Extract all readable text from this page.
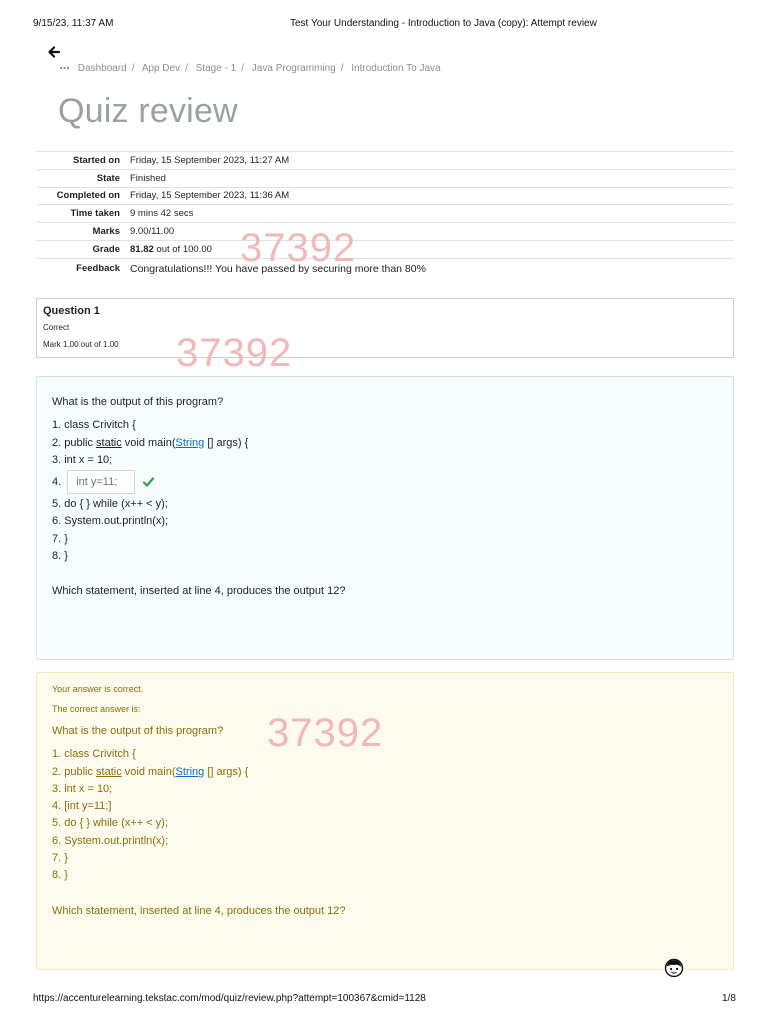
9/15/23, 11:37 AM	Test Your Understanding - Introduction to Java (copy): Attempt review
Dashboard / App Dev / Stage - 1 / Java Programming / Introduction To Java
Quiz review
Started on	Friday, 15 September 2023, 11:27 AM
State	Finished
Completed on	Friday, 15 September 2023, 11:36 AM
Time taken	9 mins 42 secs
Marks	9.00/11.00
Grade	81.82 out of 100.00
Feedback Congratulations!!! You have passed by securing more than 80%
37392
Question 1
Correct
Mark 1.00 out of 1.00 37392
What is the output of this program?
1. class Crivitch {
2. public static void main(String [] args) {
3. int x = 10;
4. int y=11;
5. do { } while (x++ < y);
6. System.out.println(x);
7. }
8. }
Which statement, inserted at line 4, produces the output 12?
Your answer is correct.
The correct answer is:
What is the output of this program?
1. class Crivitch {
2. public static void main(String [] args) {
3. int x = 10;
4. [int y=11;]
5. do { } while (x++ < y);
6. System.out.println(x);
7. }
8. }
Which statement, inserted at line 4, produces the output 12?
37392
https://accenturelearning.tekstac.com/mod/quiz/review.php?attempt=100367&cmid=1128	1/8
